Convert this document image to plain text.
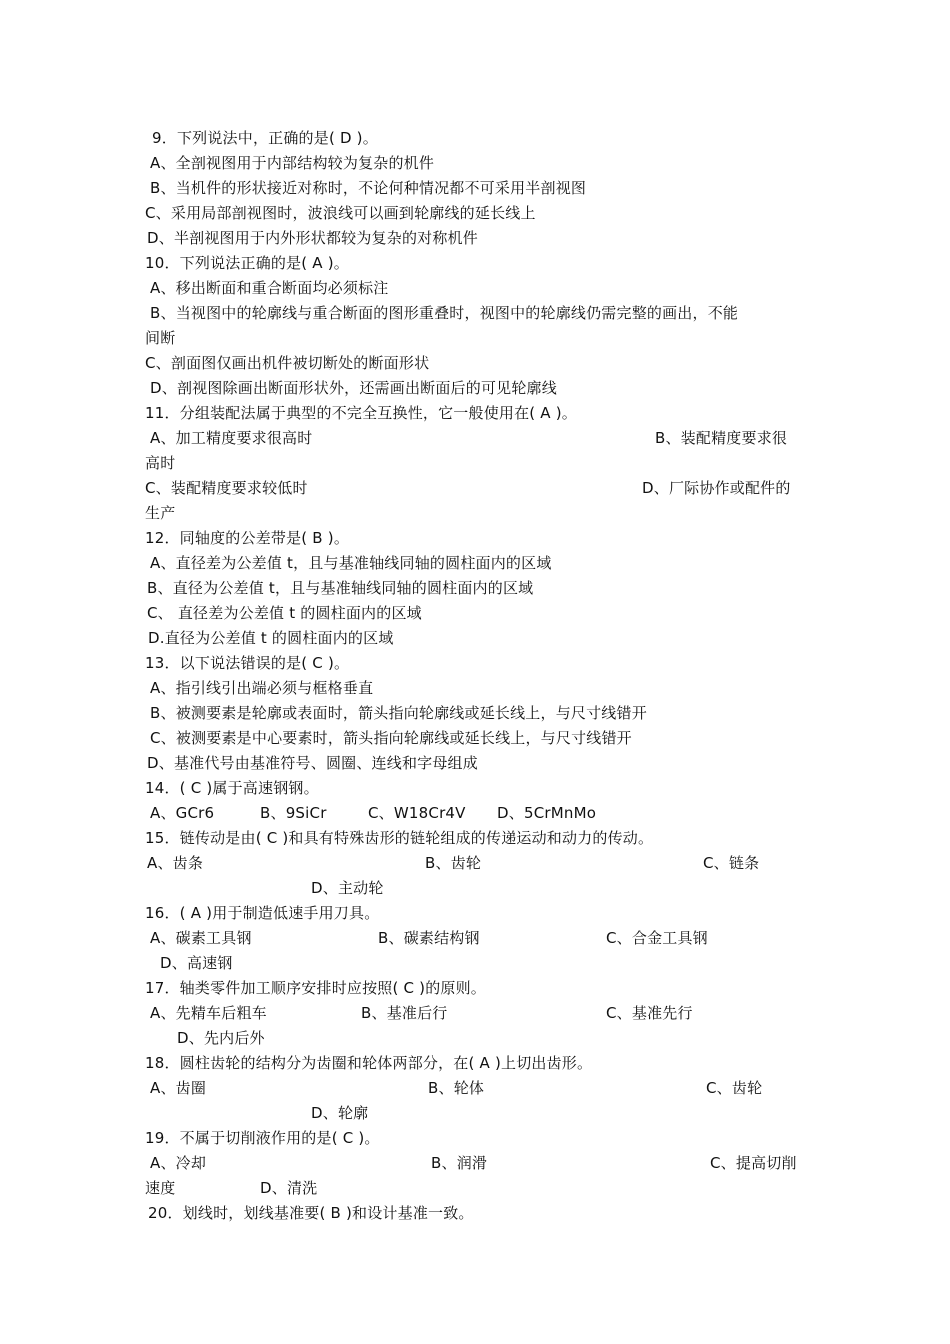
9．下列说法中，正确的是( D )。
A、全剖视图用于内部结构较为复杂的机件
B、当机件的形状接近对称时，不论何种情况都不可采用半剖视图
C、采用局部剖视图时，波浪线可以画到轮廓线的延长线上
D、半剖视图用于内外形状都较为复杂的对称机件
10．下列说法正确的是( A )。
A、移出断面和重合断面均必须标注
B、当视图中的轮廓线与重合断面的图形重叠时，视图中的轮廓线仍需完整的画出，不能
间断
C、剖面图仅画出机件被切断处的断面形状
D、剖视图除画出断面形状外，还需画出断面后的可见轮廓线
11．分组装配法属于典型的不完全互换性，它一般使用在( A )。
A、加工精度要求很高时	B、装配精度要求很
高时
C、装配精度要求较低时	D、厂际协作或配件的
生产
12．同轴度的公差带是( B )。
A、直径差为公差值 t，且与基准轴线同轴的圆柱面内的区域
B、直径为公差值 t，且与基准轴线同轴的圆柱面内的区域
C、 直径差为公差值 t 的圆柱面内的区域
D.直径为公差值 t 的圆柱面内的区域
13．以下说法错误的是( C )。
A、指引线引出端必须与框格垂直
B、被测要素是轮廓或表面时，箭头指向轮廓线或延长线上，与尺寸线错开
C、被测要素是中心要素时，箭头指向轮廓线或延长线上，与尺寸线错开
D、基准代号由基准符号、圆圈、连线和字母组成
14．( C )属于高速钢钢。
A、GCr6	B、9SiCr	C、W18Cr4V D、5CrMnMo
15．链传动是由( C )和具有特殊齿形的链轮组成的传递运动和动力的传动。
A、齿条	B、齿轮	C、链条
D、主动轮
16．( A )用于制造低速手用刀具。
A、碳素工具钢	B、碳素结构钢	C、合金工具钢
D、高速钢
17．轴类零件加工顺序安排时应按照( C )的原则。
A、先精车后粗车	B、基准后行	C、基准先行
D、先内后外
18．圆柱齿轮的结构分为齿圈和轮体两部分，在( A )上切出齿形。
A、齿圈	B、轮体	C、齿轮
D、轮廓
19．不属于切削液作用的是( C )。
A、冷却	B、润滑	C、提高切削
速度	D、清洗
20．划线时，划线基准要( B )和设计基准一致。
